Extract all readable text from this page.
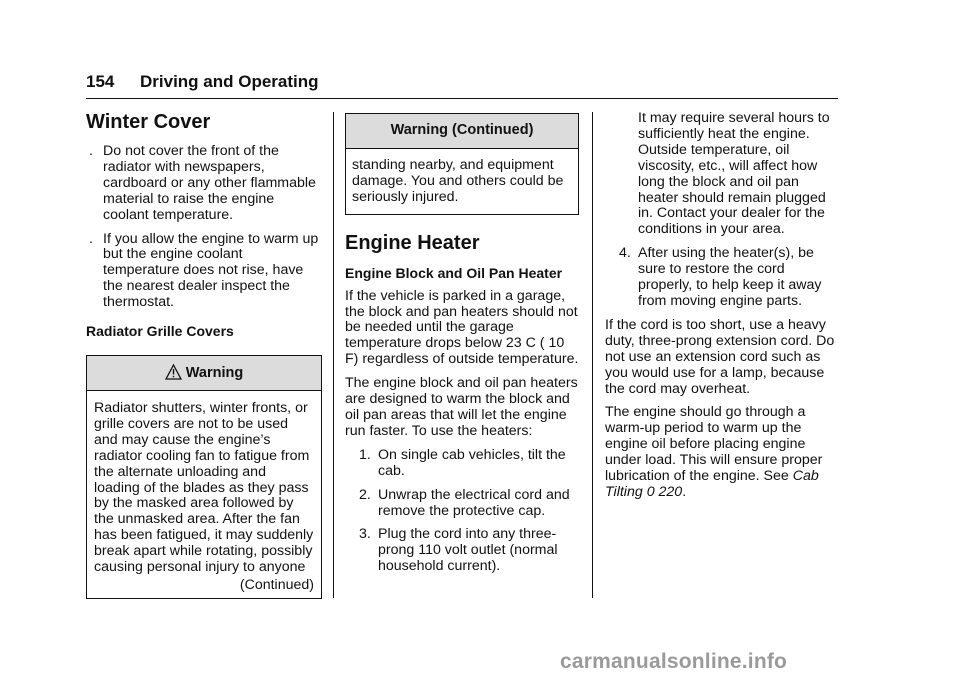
154 Driving and Operating
Winter Cover
. Do not cover the front of the radiator with newspapers, cardboard or any other flammable material to raise the engine coolant temperature.
. If you allow the engine to warm up but the engine coolant temperature does not rise, have the nearest dealer inspect the thermostat.
Radiator Grille Covers
Warning
Radiator shutters, winter fronts, or grille covers are not to be used and may cause the engine’s radiator cooling fan to fatigue from the alternate unloading and loading of the blades as they pass by the masked area followed by the unmasked area. After the fan has been fatigued, it may suddenly break apart while rotating, possibly causing personal injury to anyone
(Continued)
Warning (Continued)
standing nearby, and equipment damage. You and others could be seriously injured.
Engine Heater
Engine Block and Oil Pan Heater

If the vehicle is parked in a garage, the block and pan heaters should not be needed until the garage temperature drops below 23 C ( 10 F) regardless of outside temperature.

The engine block and oil pan heaters are designed to warm the block and oil pan areas that will let the engine run faster. To use the heaters:

1. On single cab vehicles, tilt the cab.
2. Unwrap the electrical cord and remove the protective cap.
3. Plug the cord into any three-prong 110 volt outlet (normal household current).

It may require several hours to sufficiently heat the engine. Outside temperature, oil viscosity, etc., will affect how long the block and oil pan heater should remain plugged in. Contact your dealer for the conditions in your area.

4. After using the heater(s), be sure to restore the cord properly, to help keep it away from moving engine parts.

If the cord is too short, use a heavy duty, three-prong extension cord. Do not use an extension cord such as you would use for a lamp, because the cord may overheat.

The engine should go through a warm-up period to warm up the engine oil before placing engine under load. This will ensure proper lubrication of the engine. See Cab Tilting 0 220.

carmanualsonline.info
